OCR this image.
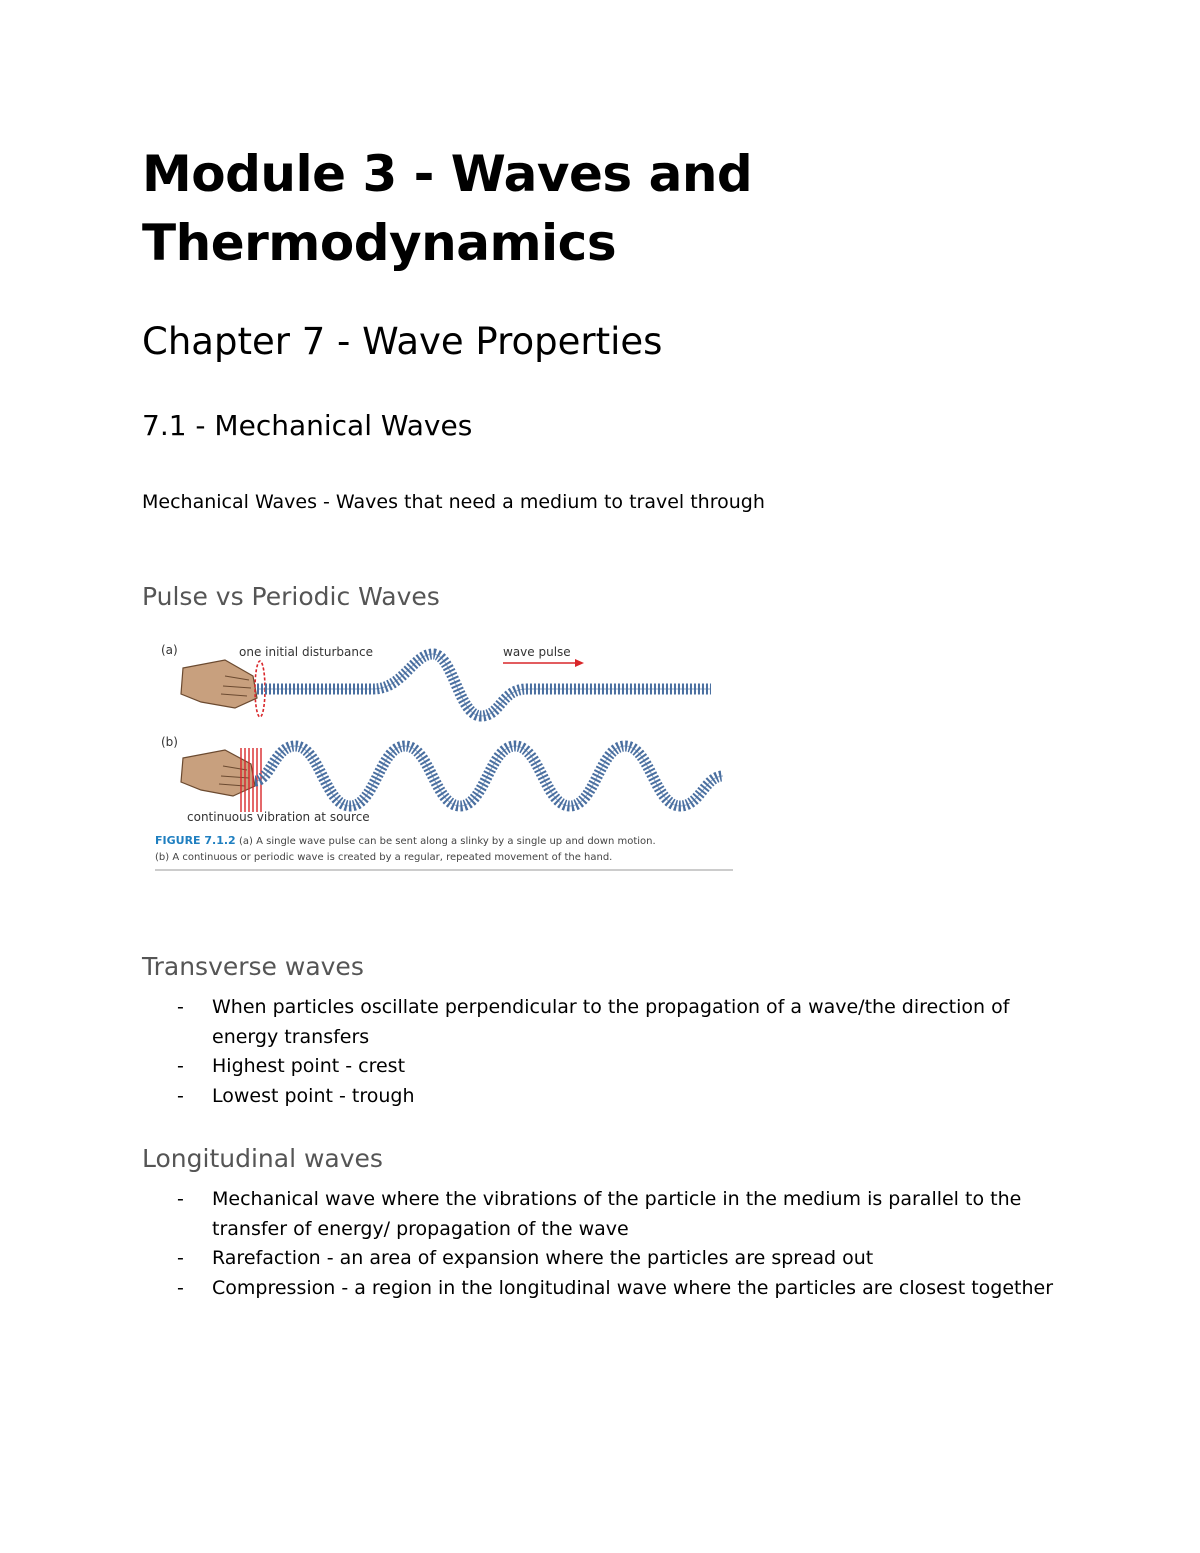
Module 3 - Waves and Thermodynamics
Chapter 7 - Wave Properties
7.1 - Mechanical Waves

Mechanical Waves - Waves that need a medium to travel through

Pulse vs Periodic Waves
(a)	one initial disturbance	wave pulse
(b)
continuous vibration at source
FIGURE 7.1.2 (a) A single wave pulse can be sent along a slinky by a single up and down motion.
(b) A continuous or periodic wave is created by a regular, repeated movement of the hand.
Transverse waves
- When particles oscillate perpendicular to the propagation of a wave/the direction of energy transfers
- Highest point - crest
- Lowest point - trough
Longitudinal waves
- Mechanical wave where the vibrations of the particle in the medium is parallel to the transfer of energy/ propagation of the wave
- Rarefaction - an area of expansion where the particles are spread out
- Compression - a region in the longitudinal wave where the particles are closest together
